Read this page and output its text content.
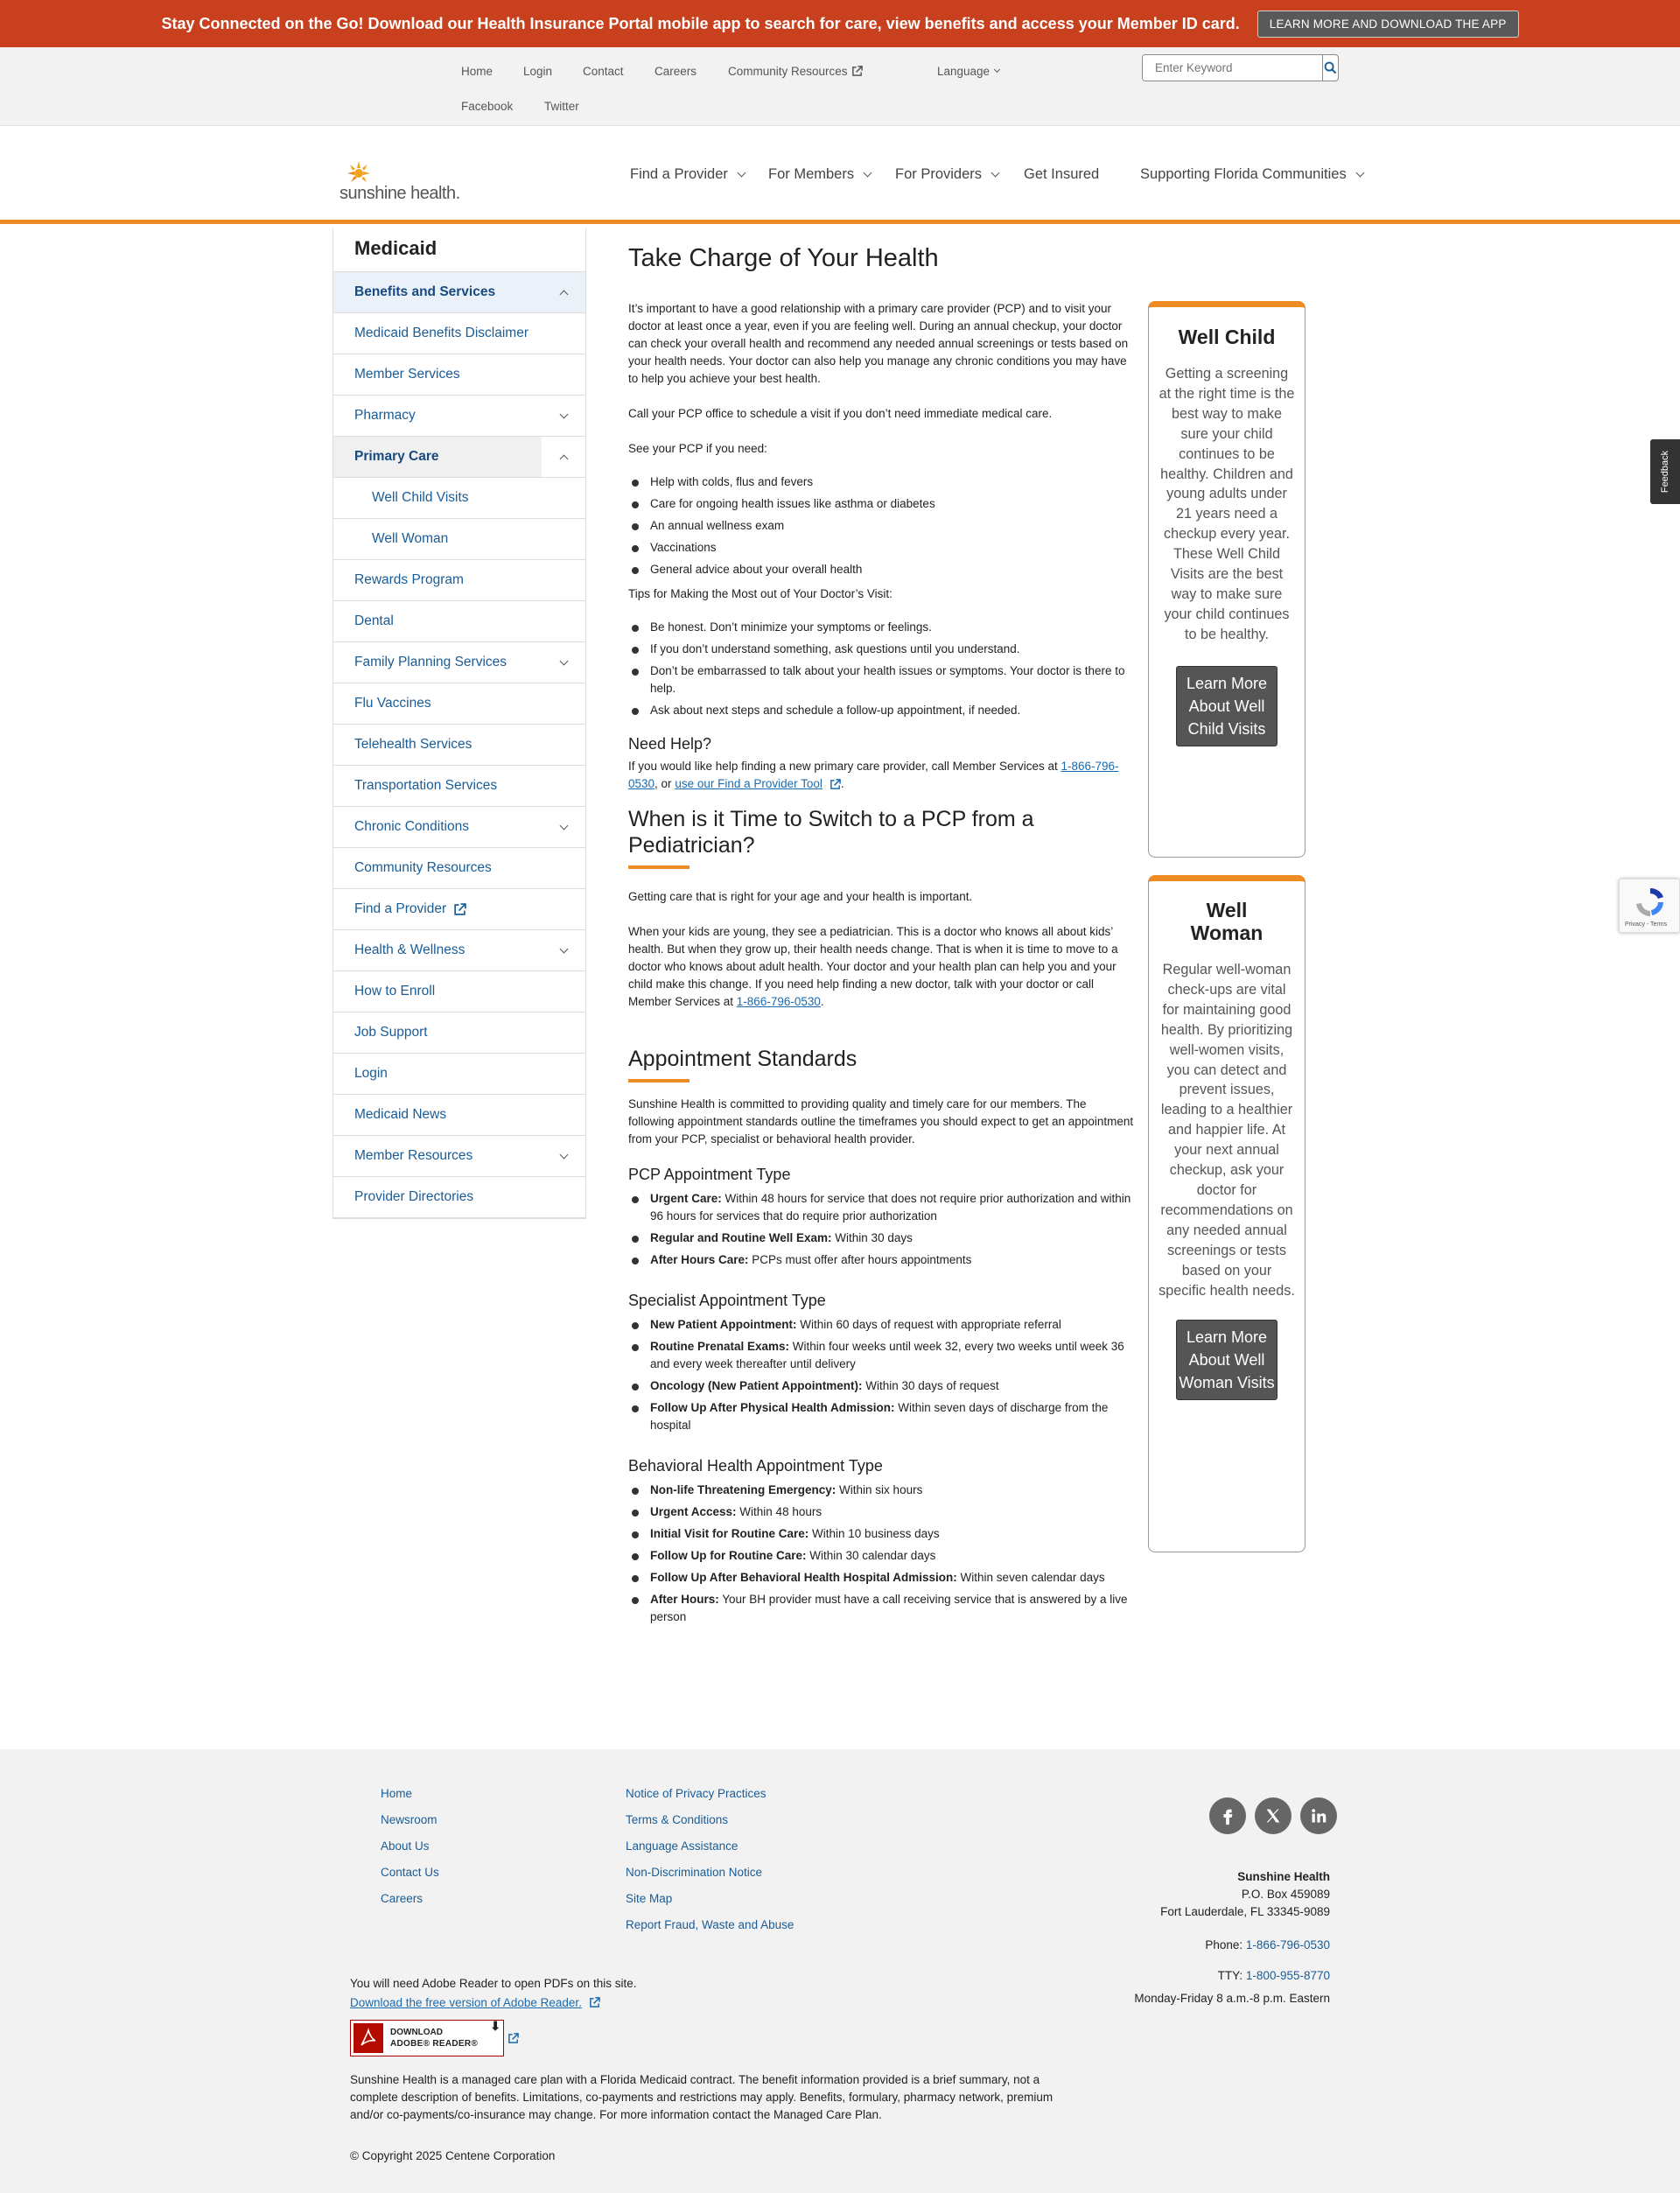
Stay Connected on the Go! Download our Health Insurance Portal mobile app to search for care, view benefits and access your Member ID card.	LEARN MORE AND DOWNLOAD THE APP
Home	Login	Contact	Careers	Community Resources	Language
Enter Keyword
Facebook	Twitter
sunshine health.
Find a Provider	For Members	For Providers	Get Insured	Supporting Florida Communities
Medicaid
Benefits and Services
Medicaid Benefits Disclaimer
Member Services
Pharmacy
Primary Care
Well Child Visits
Well Woman
Rewards Program
Dental
Family Planning Services
Flu Vaccines
Telehealth Services
Transportation Services
Chronic Conditions
Community Resources
Find a Provider
Health & Wellness
How to Enroll
Job Support
Login
Medicaid News
Member Resources
Provider Directories
Take Charge of Your Health

It’s important to have a good relationship with a primary care provider (PCP) and to visit your doctor at least once a year, even if you are feeling well. During an annual checkup, your doctor can check your overall health and recommend any needed annual screenings or tests based on your health needs. Your doctor can also help you manage any chronic conditions you may have to help you achieve your best health.

Call your PCP office to schedule a visit if you don’t need immediate medical care.

See your PCP if you need:

Help with colds, flus and fevers
Care for ongoing health issues like asthma or diabetes
An annual wellness exam
Vaccinations
General advice about your overall health

Tips for Making the Most out of Your Doctor’s Visit:

Be honest. Don’t minimize your symptoms or feelings.
If you don’t understand something, ask questions until you understand.
Don’t be embarrassed to talk about your health issues or symptoms. Your doctor is there to help.
Ask about next steps and schedule a follow-up appointment, if needed.
Need Help?

If you would like help finding a new primary care provider, call Member Services at 1-866-796-0530, or use our Find a Provider Tool .

When is it Time to Switch to a PCP from a Pediatrician?

Getting care that is right for your age and your health is important.

When your kids are young, they see a pediatrician. This is a doctor who knows all about kids’ health. But when they grow up, their health needs change. That is when it is time to move to a doctor who knows about adult health. Your doctor and your health plan can help you and your child make this change. If you need help finding a new doctor, talk with your doctor or call Member Services at 1-866-796-0530.

Appointment Standards

Sunshine Health is committed to providing quality and timely care for our members. The following appointment standards outline the timeframes you should expect to get an appointment from your PCP, specialist or behavioral health provider.

PCP Appointment Type
Urgent Care: Within 48 hours for service that does not require prior authorization and within 96 hours for services that do require prior authorization
Regular and Routine Well Exam: Within 30 days
After Hours Care: PCPs must offer after hours appointments
Specialist Appointment Type
New Patient Appointment: Within 60 days of request with appropriate referral
Routine Prenatal Exams: Within four weeks until week 32, every two weeks until week 36 and every week thereafter until delivery
Oncology (New Patient Appointment): Within 30 days of request
Follow Up After Physical Health Admission: Within seven days of discharge from the hospital
Behavioral Health Appointment Type
Non-life Threatening Emergency: Within six hours
Urgent Access: Within 48 hours
Initial Visit for Routine Care: Within 10 business days
Follow Up for Routine Care: Within 30 calendar days
Follow Up After Behavioral Health Hospital Admission: Within seven calendar days
After Hours: Your BH provider must have a call receiving service that is answered by a live person
Well Child
Getting a screening at the right time is the best way to make sure your child continues to be healthy. Children and young adults under 21 years need a checkup every year. These Well Child Visits are the best way to make sure your child continues to be healthy.
Learn More About Well Child Visits
Well Woman
Regular well-woman check-ups are vital for maintaining good health. By prioritizing well-women visits, you can detect and prevent issues, leading to a healthier and happier life. At your next annual checkup, ask your doctor for recommendations on any needed annual screenings or tests based on your specific health needs.
Learn More About Well Woman Visits
Feedback
Privacy - Terms
Home
Newsroom
About Us
Contact Us
Careers
Notice of Privacy Practices
Terms & Conditions
Language Assistance
Non-Discrimination Notice
Site Map
Report Fraud, Waste and Abuse
Sunshine Health
P.O. Box 459089
Fort Lauderdale, FL 33345-9089
Phone: 1-866-796-0530
TTY: 1-800-955-8770
Monday-Friday 8 a.m.-8 p.m. Eastern
You will need Adobe Reader to open PDFs on this site.
Download the free version of Adobe Reader.
DOWNLOAD
ADOBE® READER®
⬇
Sunshine Health is a managed care plan with a Florida Medicaid contract. The benefit information provided is a brief summary, not a complete description of benefits. Limitations, co-payments and restrictions may apply. Benefits, formulary, pharmacy network, premium and/or co-payments/co-insurance may change. For more information contact the Managed Care Plan.
© Copyright 2025 Centene Corporation
